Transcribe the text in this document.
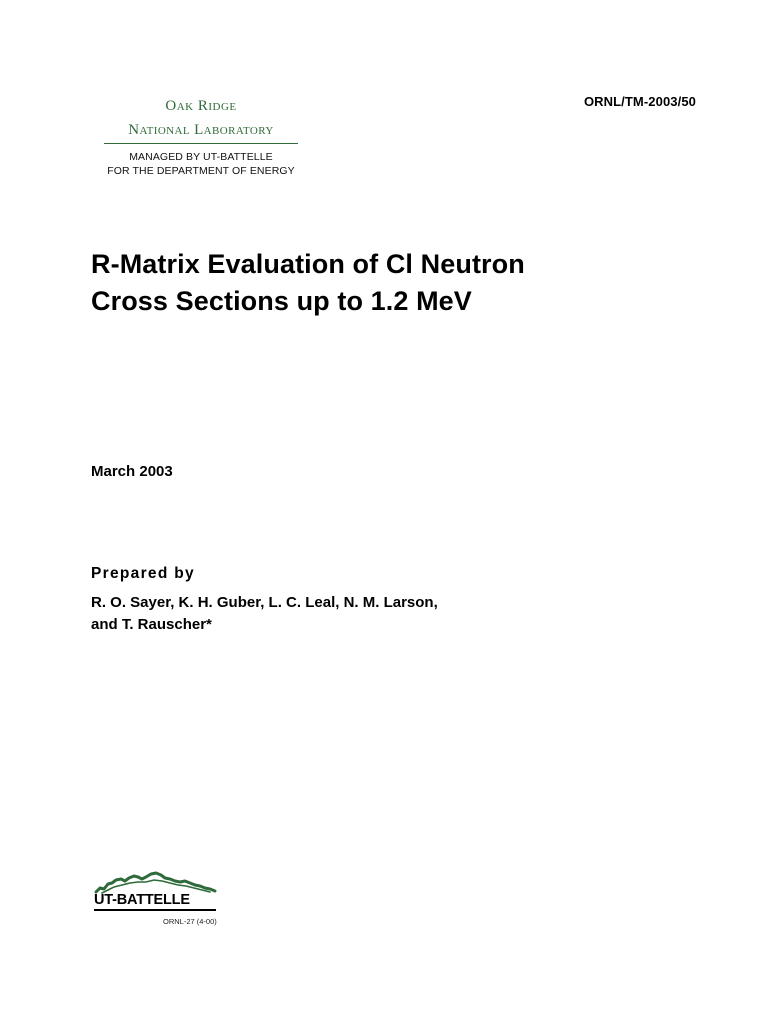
ORNL/TM-2003/50
Oak Ridge
National Laboratory
MANAGED BY UT-BATTELLE
FOR THE DEPARTMENT OF ENERGY
R-Matrix Evaluation of Cl Neutron
Cross Sections up to 1.2 MeV
March 2003
Prepared by
R. O. Sayer, K. H. Guber, L. C. Leal, N. M. Larson,
and T. Rauscher*
UT-BATTELLE
ORNL-27 (4-00)
